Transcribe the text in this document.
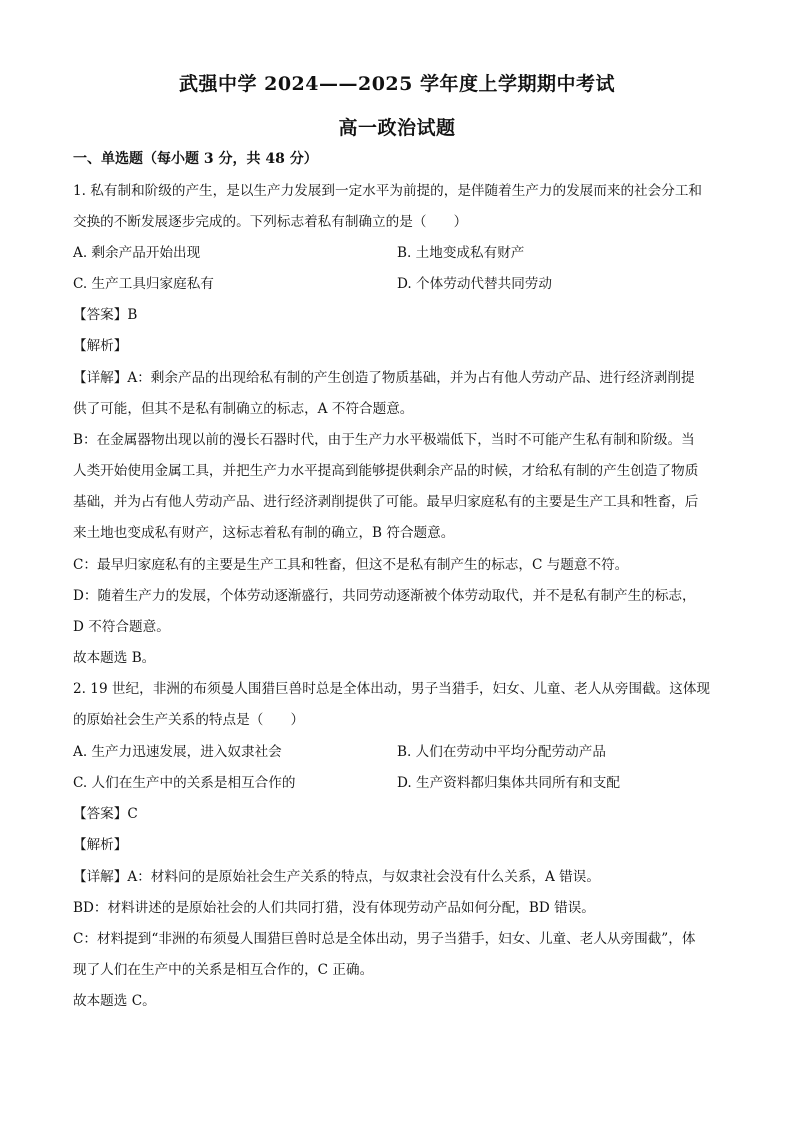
武强中学 2024——2025 学年度上学期期中考试
高一政治试题
一、单选题（每小题 3 分，共 48 分）
1. 私有制和阶级的产生，是以生产力发展到一定水平为前提的，是伴随着生产力的发展而来的社会分工和
交换的不断发展逐步完成的。下列标志着私有制确立的是（　　）
A. 剩余产品开始出现	B. 土地变成私有财产
C. 生产工具归家庭私有	D. 个体劳动代替共同劳动
【答案】B
【解析】
【详解】A：剩余产品的出现给私有制的产生创造了物质基础，并为占有他人劳动产品、进行经济剥削提
供了可能，但其不是私有制确立的标志，A 不符合题意。
B：在金属器物出现以前的漫长石器时代，由于生产力水平极端低下，当时不可能产生私有制和阶级。当
人类开始使用金属工具，并把生产力水平提高到能够提供剩余产品的时候，才给私有制的产生创造了物质
基础，并为占有他人劳动产品、进行经济剥削提供了可能。最早归家庭私有的主要是生产工具和牲畜，后
来土地也变成私有财产，这标志着私有制的确立，B 符合题意。
C：最早归家庭私有的主要是生产工具和牲畜，但这不是私有制产生的标志，C 与题意不符。
D：随着生产力的发展，个体劳动逐渐盛行，共同劳动逐渐被个体劳动取代，并不是私有制产生的标志，
D 不符合题意。
故本题选 B。
2. 19 世纪，非洲的布须曼人围猎巨兽时总是全体出动，男子当猎手，妇女、儿童、老人从旁围截。这体现
的原始社会生产关系的特点是（　　）
A. 生产力迅速发展，进入奴隶社会	B. 人们在劳动中平均分配劳动产品
C. 人们在生产中的关系是相互合作的	D. 生产资料都归集体共同所有和支配
【答案】C
【解析】
【详解】A：材料问的是原始社会生产关系的特点，与奴隶社会没有什么关系，A 错误。
BD：材料讲述的是原始社会的人们共同打猎，没有体现劳动产品如何分配，BD 错误。
C：材料提到“非洲的布须曼人围猎巨兽时总是全体出动，男子当猎手，妇女、儿童、老人从旁围截”，体
现了人们在生产中的关系是相互合作的，C 正确。
故本题选 C。
